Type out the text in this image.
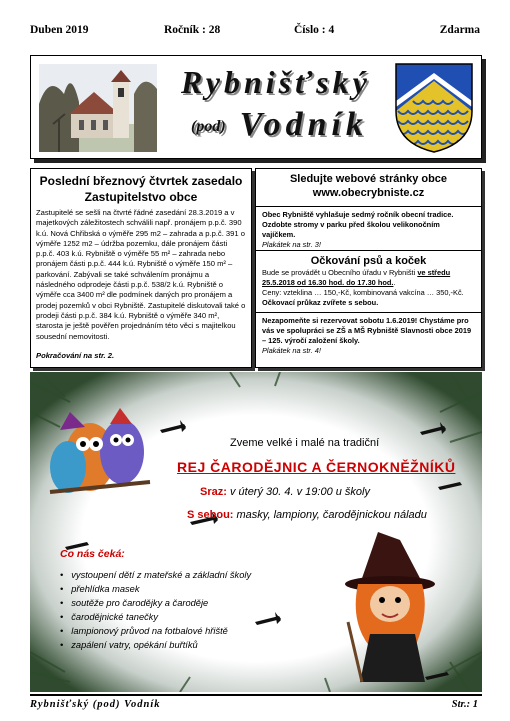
Duben 2019	Ročník : 28	Číslo : 4	Zdarma
Rybnišťský
(pod) Vodník
Poslední březnový čtvrtek zasedalo Zastupitelstvo obce

Zastupitelé se sešli na čtvrté řádné zasedání 28.3.2019 a v majetkových záležitostech schválili např. pronájem p.p.č. 390 k.ú. Nová Chřibská o výměře 295 m2 – zahrada a p.p.č. 391 o výměře 1252 m2 – údržba pozemku, dále pronájem části p.p.č. 403 k.ú. Rybniště o výměře 55 m² – zahrada nebo pronájem části p.p.č. 444 k.ú. Rybniště o výměře 150 m² – parkování. Zabývali se také schválením pronájmu a následného odprodeje části p.p.č. 538/2 k.ú. Rybniště o výměře cca 3400 m² dle podmínek daných pro pronájem a prodej pozemků v obci Rybniště. Zastupitelé diskutovali také o prodeji části p.p.č. 384 k.ú. Rybniště o výměře 340 m², starosta je ještě pověřen projednáním této věci s majitelkou sousední nemovitosti.

Pokračování na str. 2.
Sledujte webové stránky obce
www.obecrybniste.cz

Obec Rybniště vyhlašuje sedmý ročník obecní tradice. Ozdobte stromy v parku před školou velikonočním vajíčkem.

Plakátek na str. 3!

Očkování psů a koček

Bude se provádět u Obecního úřadu v Rybništi ve středu 25.5.2018 od 16.30 hod. do 17.30 hod..

Ceny: vzteklina … 150,-Kč, kombinovaná vakcína … 350,-Kč.

Očkovací průkaz zvířete s sebou.

Nezapomeňte si rezervovat sobotu 1.6.2019! Chystáme pro vás ve spolupráci se ZŠ a MŠ Rybniště Slavnosti obce 2019 – 125. výročí založení školy.

Plakátek na str. 4!

Zveme velké i malé na tradiční
REJ ČARODĚJNIC A ČERNOKNĚŽNÍKŮ
Sraz: v úterý 30. 4. v 19:00 u školy
S sebou: masky, lampiony, čarodějnickou náladu
Co nás čeká:
• vystoupení dětí z mateřské a základní školy
• přehlídka masek
• soutěže pro čarodějky a čaroděje
• čarodějnické tanečky
• lampionový průvod na fotbalové hřiště
• zapálení vatry, opékání buřtíků
Rybnišťský (pod) Vodník	Str.: 1
